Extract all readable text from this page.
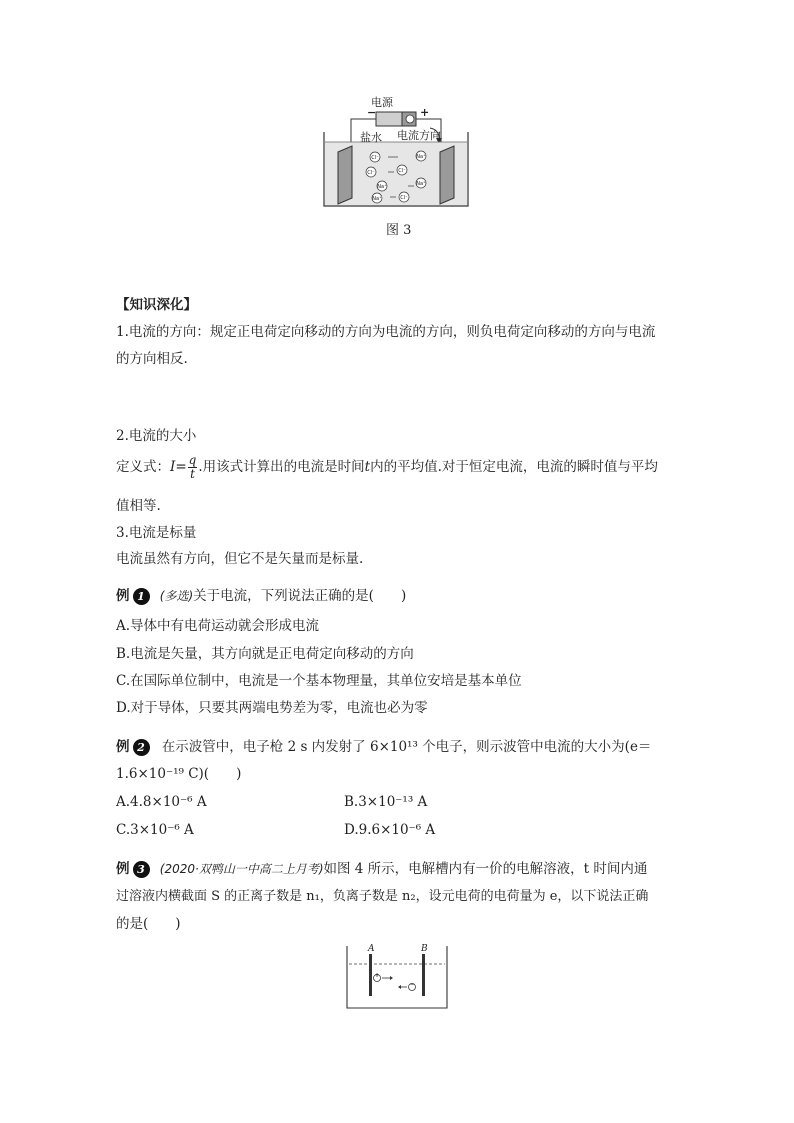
Cl⁻	Na⁺
Cl⁻	Cl⁻
Na⁺	Na⁺
Na⁺	Cl⁻
电源
−	+
盐水 电流方向
图 3
【知识深化】
1.电流的方向：规定正电荷定向移动的方向为电流的方向，则负电荷定向移动的方向与电流
的方向相反.
2.电流的大小
定义式：$I= \frac{q}{t}$ .用该式计算出的电流是时间t内的平均值.对于恒定电流，电流的瞬时值与平均
值相等.
3.电流是标量
电流虽然有方向，但它不是矢量而是标量.
例 1	(多选)关于电流，下列说法正确的是(　　)
A.导体中有电荷运动就会形成电流
B.电流是矢量，其方向就是正电荷定向移动的方向
C.在国际单位制中，电流是一个基本物理量，其单位安培是基本单位
D.对于导体，只要其两端电势差为零，电流也必为零
例 2	在示波管中，电子枪 2 s 内发射了 6×10¹³ 个电子，则示波管中电流的大小为(e＝
1.6×10⁻¹⁹ C)(　　)
A.4.8×10⁻⁶ A	B.3×10⁻¹³ A
C.3×10⁻⁶ A	D.9.6×10⁻⁶ A
例 3	(2020·双鸭山一中高二上月考)如图 4 所示，电解槽内有一价的电解溶液，t 时间内通
过溶液内横截面 S 的正离子数是 n₁，负离子数是 n₂，设元电荷的电荷量为 e，以下说法正确
的是(　　)
A	B
+
−
